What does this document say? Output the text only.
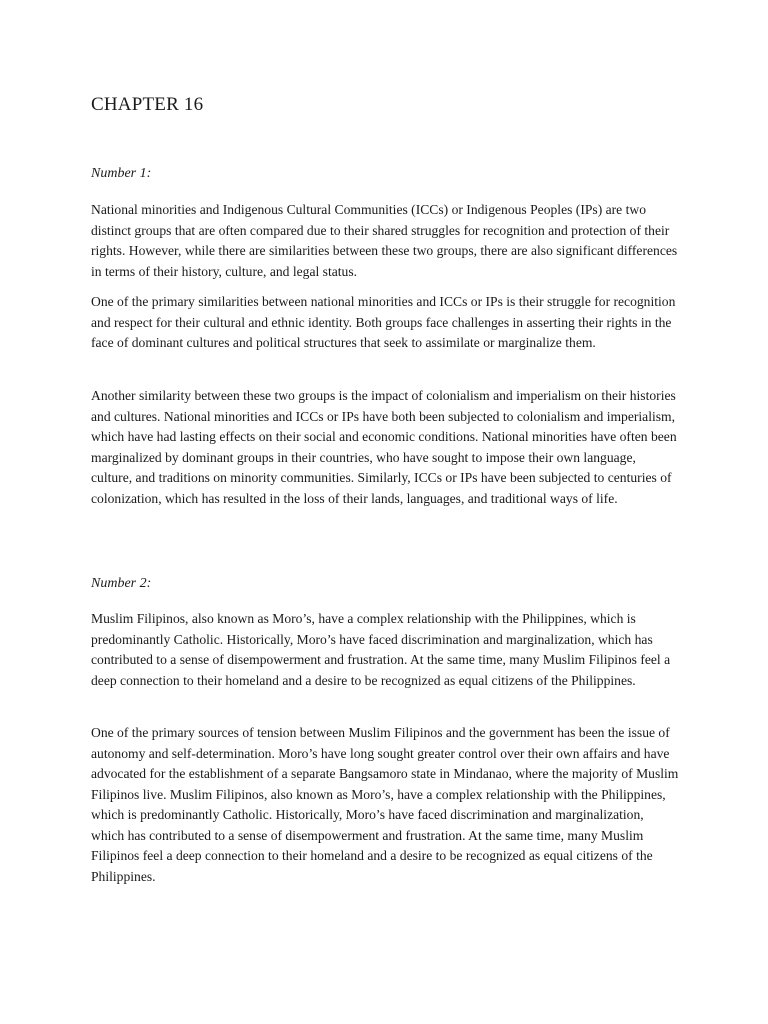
CHAPTER 16
Number 1:

National minorities and Indigenous Cultural Communities (ICCs) or Indigenous Peoples (IPs) are two distinct groups that are often compared due to their shared struggles for recognition and protection of their rights. However, while there are similarities between these two groups, there are also significant differences in terms of their history, culture, and legal status.

One of the primary similarities between national minorities and ICCs or IPs is their struggle for recognition and respect for their cultural and ethnic identity. Both groups face challenges in asserting their rights in the face of dominant cultures and political structures that seek to assimilate or marginalize them.

Another similarity between these two groups is the impact of colonialism and imperialism on their histories and cultures. National minorities and ICCs or IPs have both been subjected to colonialism and imperialism, which have had lasting effects on their social and economic conditions. National minorities have often been marginalized by dominant groups in their countries, who have sought to impose their own language, culture, and traditions on minority communities. Similarly, ICCs or IPs have been subjected to centuries of colonization, which has resulted in the loss of their lands, languages, and traditional ways of life.

Number 2:

Muslim Filipinos, also known as Moro’s, have a complex relationship with the Philippines, which is predominantly Catholic. Historically, Moro’s have faced discrimination and marginalization, which has contributed to a sense of disempowerment and frustration. At the same time, many Muslim Filipinos feel a deep connection to their homeland and a desire to be recognized as equal citizens of the Philippines.

One of the primary sources of tension between Muslim Filipinos and the government has been the issue of autonomy and self-determination. Moro’s have long sought greater control over their own affairs and have advocated for the establishment of a separate Bangsamoro state in Mindanao, where the majority of Muslim Filipinos live. Muslim Filipinos, also known as Moro’s, have a complex relationship with the Philippines, which is predominantly Catholic. Historically, Moro’s have faced discrimination and marginalization, which has contributed to a sense of disempowerment and frustration. At the same time, many Muslim Filipinos feel a deep connection to their homeland and a desire to be recognized as equal citizens of the Philippines.
